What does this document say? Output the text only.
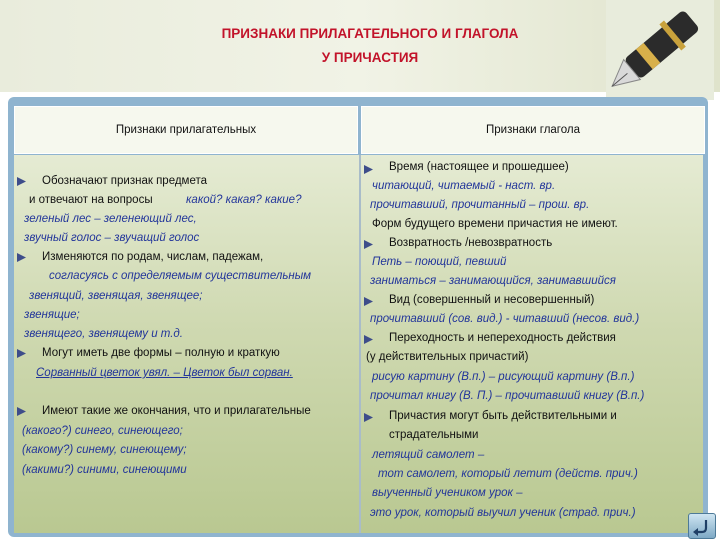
ПРИЗНАКИ ПРИЛАГАТЕЛЬНОГО И ГЛАГОЛА
У ПРИЧАСТИЯ
Признаки прилагательных	Признаки глагола
Обозначают признак предмета
и отвечают на вопросы	какой? какая? какие?
зеленый лес – зеленеющий лес,
звучный голос – звучащий голос
Изменяются по родам, числам, падежам,
согласуясь с определяемым существительным
звенящий, звенящая, звенящее;
звенящие;
звенящего, звенящему и т.д.
Могут иметь две формы – полную и краткую
Сорванный цветок увял. – Цветок был сорван.
Имеют такие же окончания, что и прилагательные
(какого?) синего, синеющего;
(какому?) синему, синеющему;
(какими?) синими, синеющими
Время (настоящее и прошедшее)
читающий, читаемый - наст. вр.
прочитавший, прочитанный – прош. вр.
Форм будущего времени причастия не имеют.
Возвратность /невозвратность
Петь – поющий, певший
заниматься – занимающийся, занимавшийся
Вид (совершенный и несовершенный)
прочитавший (сов. вид.) - читавший (несов. вид.)
Переходность и непереходность действия
(у действительных причастий)
рисую картину (В.п.) – рисующий картину (В.п.)
прочитал книгу (В. П.) – прочитавший книгу (В.п.)
Причастия могут быть действительными и
страдательными
летящий самолет –
тот самолет, который летит (действ. прич.)
выученный учеником урок –
это урок, который выучил ученик (страд. прич.)
